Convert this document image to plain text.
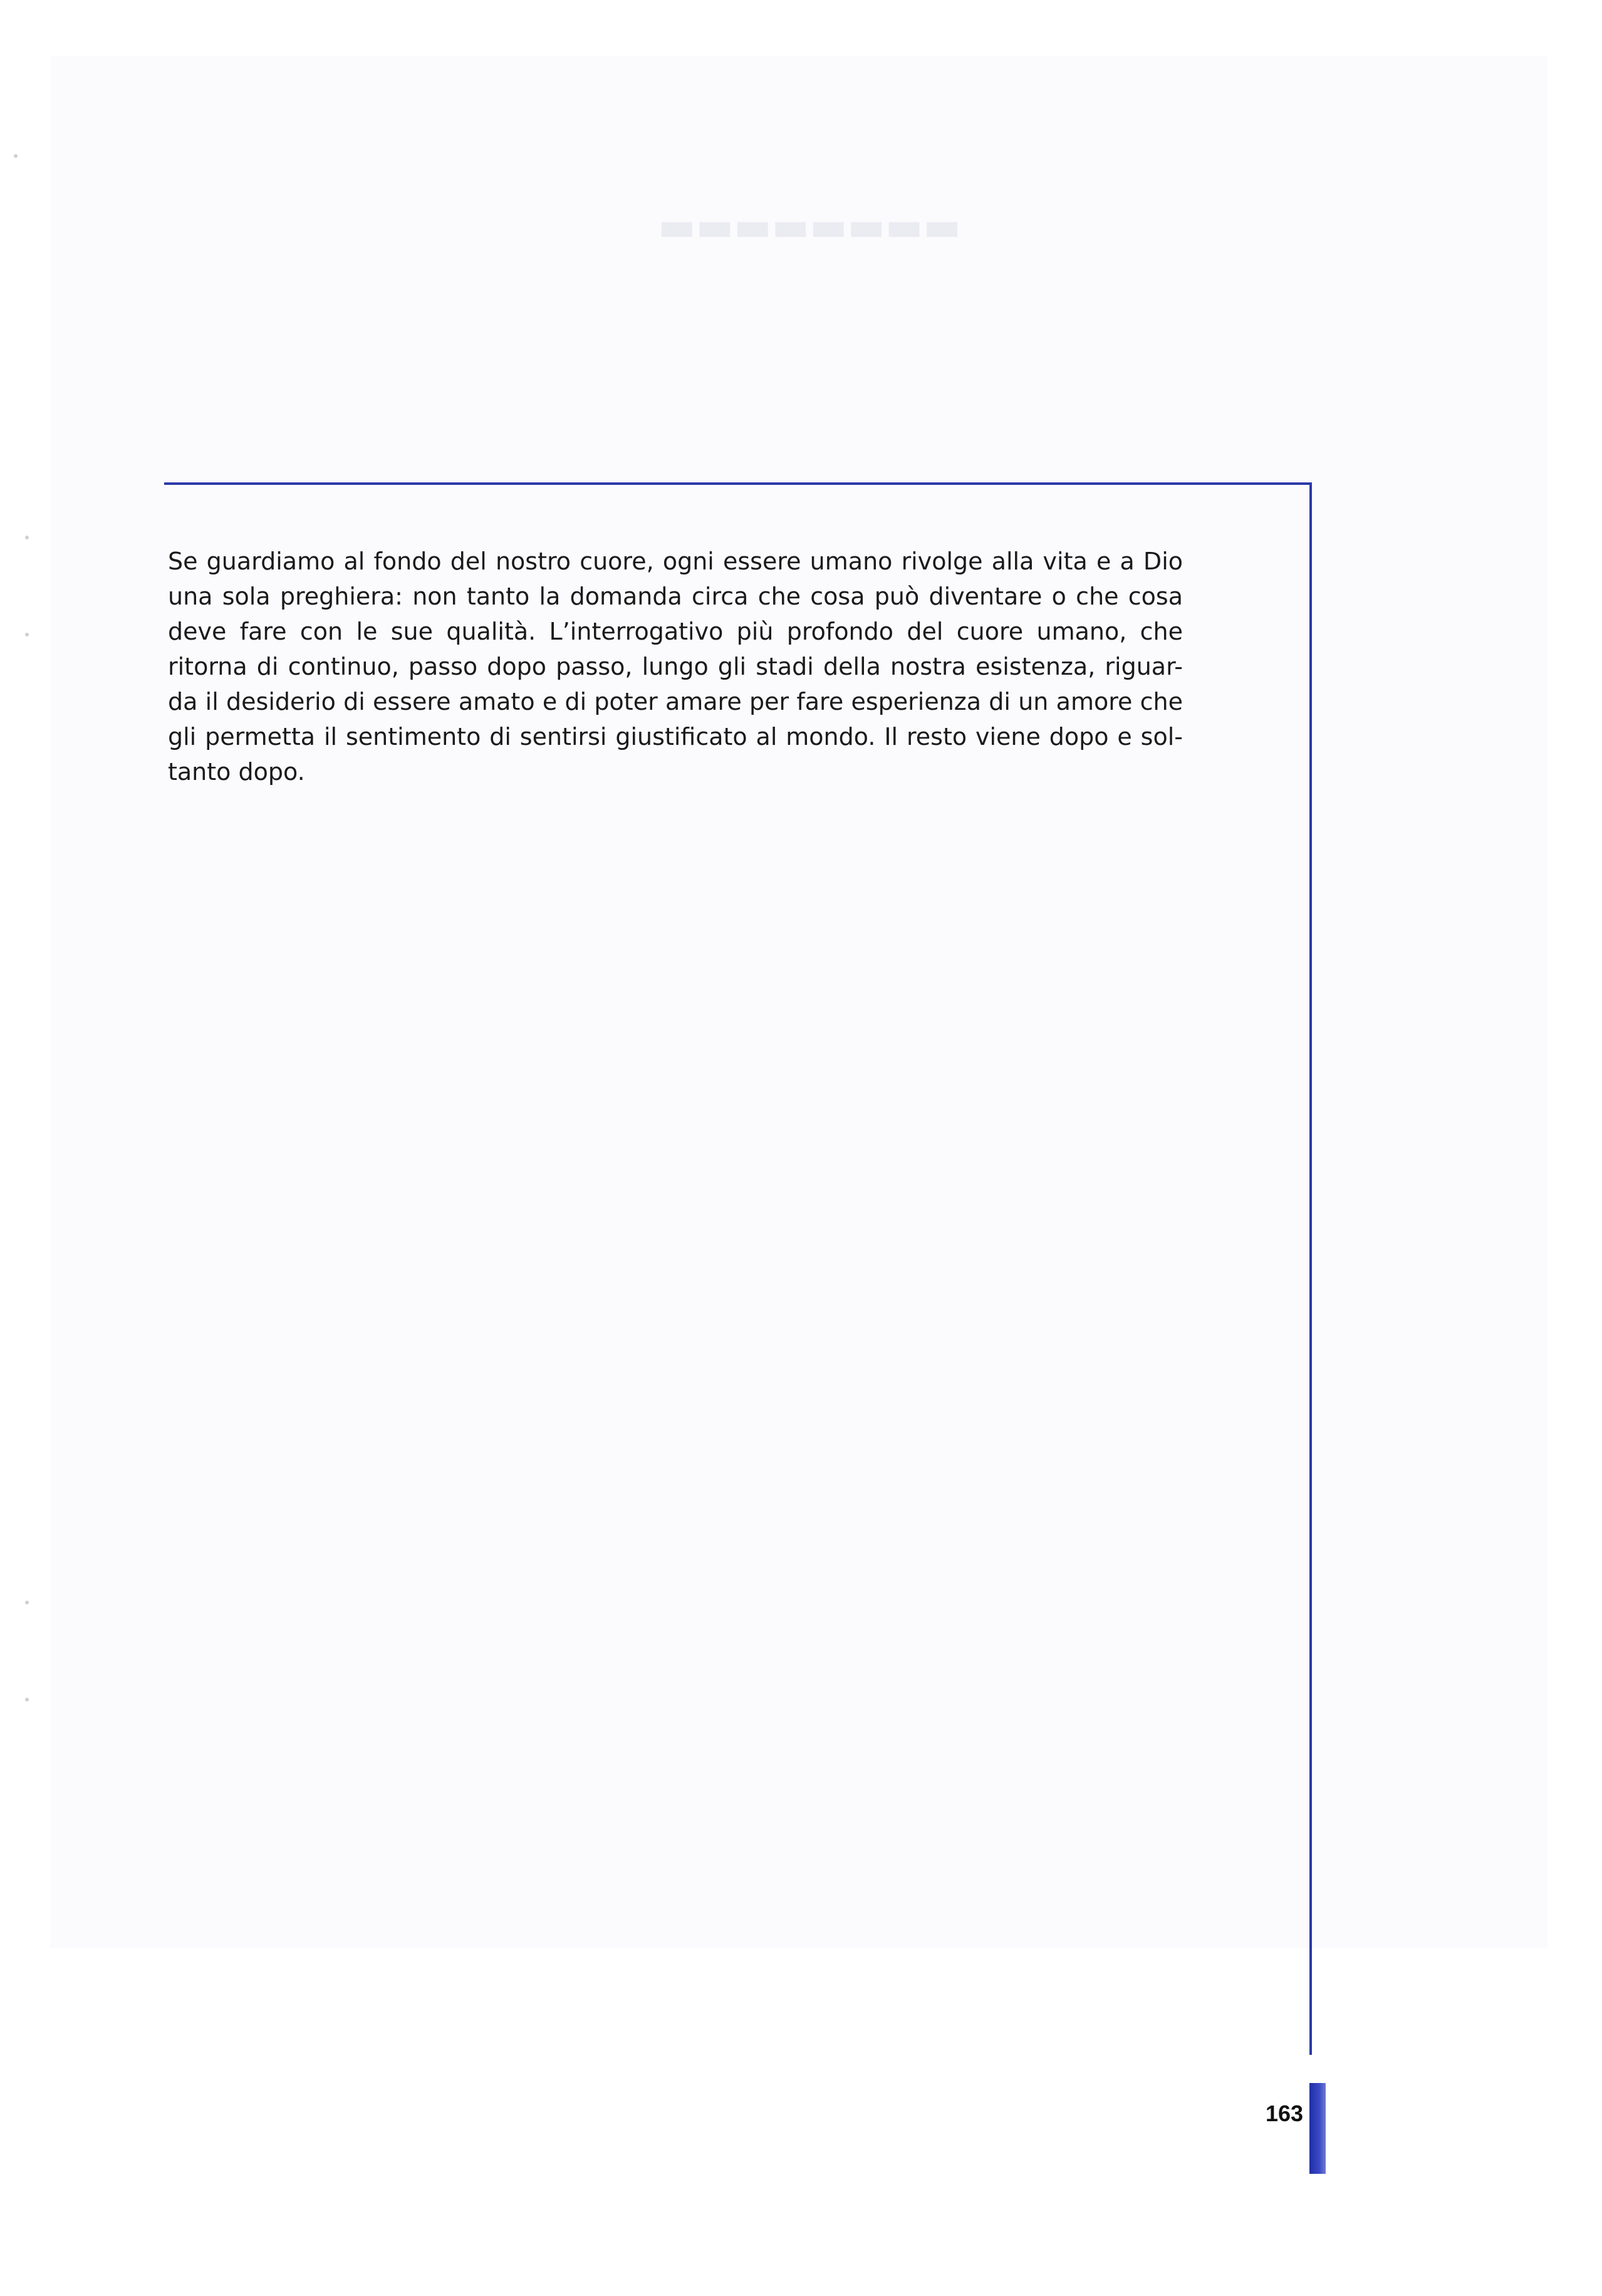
▬▬▬▬▬▬▬▬
Se guardiamo al fondo del nostro cuore, ogni essere umano rivolge alla vita e a Dio
una sola preghiera: non tanto la domanda circa che cosa può diventare o che cosa
deve fare con le sue qualità. L’interrogativo più profondo del cuore umano, che
ritorna di continuo, passo dopo passo, lungo gli stadi della nostra esistenza, riguar-
da il desiderio di essere amato e di poter amare per fare esperienza di un amore che
gli permetta il sentimento di sentirsi giustificato al mondo. Il resto viene dopo e sol-
tanto dopo.
163
